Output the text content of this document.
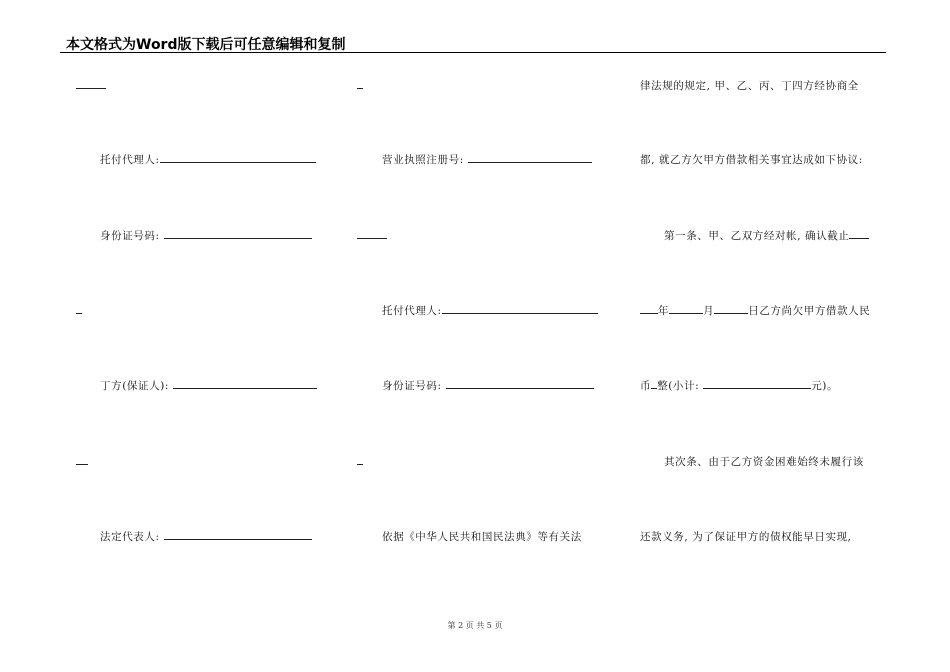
本文格式为Word版下载后可任意编辑和复制
托付代理人:
身份证号码:
丁方(保证人):
法定代表人:
营业执照注册号:
托付代理人:
身份证号码:
依据《中华人民共和国民法典》等有关法
律法规的规定, 甲、乙、丙、丁四方经协商全
都, 就乙方欠甲方借款相关事宜达成如下协议:
第一条、甲、乙双方经对帐, 确认截止
年	月	日乙方尚欠甲方借款人民
币 整(小计:	元)。
其次条、由于乙方资金困难始终未履行该
还款义务, 为了保证甲方的债权能早日实现,
第 2 页 共 5 页
